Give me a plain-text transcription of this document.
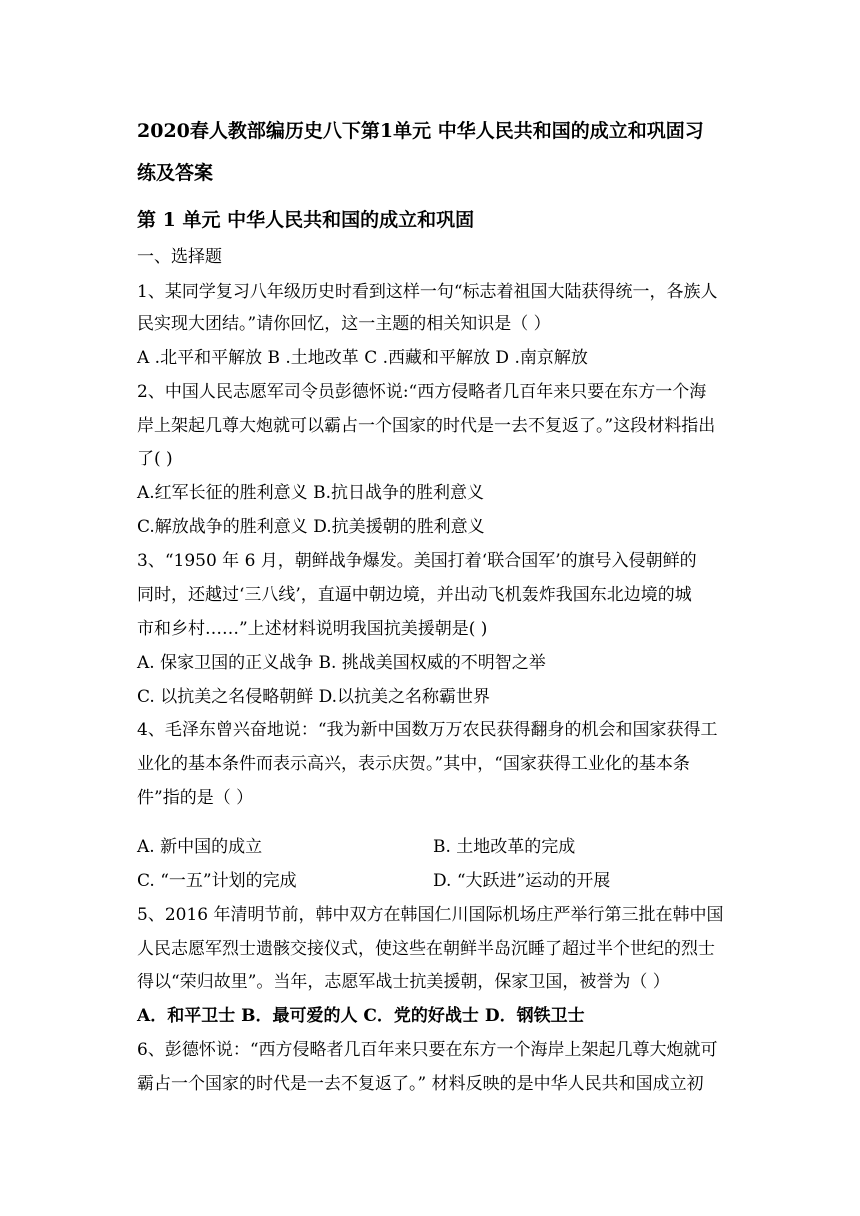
2020春人教部编历史八下第1单元 中华人民共和国的成立和巩固习
练及答案
第 1 单元 中华人民共和国的成立和巩固
一、选择题
1、某同学复习八年级历史时看到这样一句“标志着祖国大陆获得统一，各族人
民实现大团结。”请你回忆，这一主题的相关知识是（ ）
A .北平和平解放 B .土地改革 C .西藏和平解放 D .南京解放
2、中国人民志愿军司令员彭德怀说:“西方侵略者几百年来只要在东方一个海
岸上架起几尊大炮就可以霸占一个国家的时代是一去不复返了。”这段材料指出
了( )
A.红军长征的胜利意义 B.抗日战争的胜利意义
C.解放战争的胜利意义 D.抗美援朝的胜利意义
3、“1950 年 6 月，朝鲜战争爆发。美国打着‘联合国军’的旗号入侵朝鲜的
同时，还越过‘三八线’，直逼中朝边境，并出动飞机轰炸我国东北边境的城
市和乡村……”上述材料说明我国抗美援朝是( )
A. 保家卫国的正义战争 B. 挑战美国权威的不明智之举
C. 以抗美之名侵略朝鲜 D.以抗美之名称霸世界
4、毛泽东曾兴奋地说：“我为新中国数万万农民获得翻身的机会和国家获得工
业化的基本条件而表示高兴，表示庆贺。”其中，“国家获得工业化的基本条
件”指的是（ ）
A. 新中国的成立	B. 土地改革的完成
C. “一五”计划的完成	D. “大跃进”运动的开展
5、2016 年清明节前，韩中双方在韩国仁川国际机场庄严举行第三批在韩中国
人民志愿军烈士遗骸交接仪式，使这些在朝鲜半岛沉睡了超过半个世纪的烈士
得以“荣归故里”。当年，志愿军战士抗美援朝，保家卫国，被誉为（ ）
A．和平卫士 B．最可爱的人 C．党的好战士 D．钢铁卫士
6、彭德怀说：“西方侵略者几百年来只要在东方一个海岸上架起几尊大炮就可
霸占一个国家的时代是一去不复返了。” 材料反映的是中华人民共和国成立初
